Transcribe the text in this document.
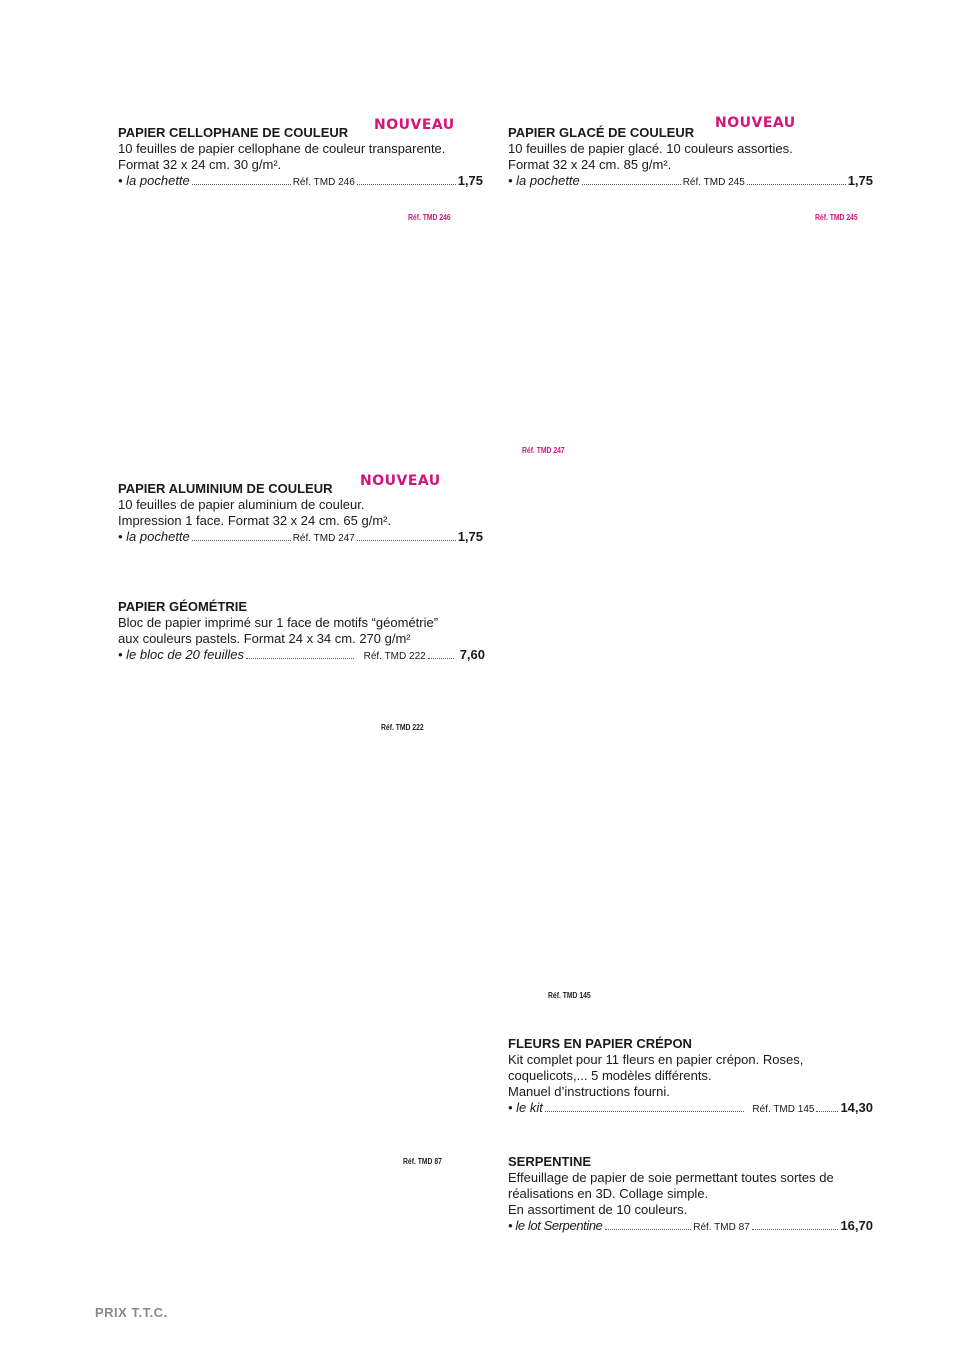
PAPIER CELLOPHANE DE COULEUR	NOUVEAU
10 feuilles de papier cellophane de couleur transparente.
Format 32 x 24 cm. 30 g/m².
• la pochette	Réf. TMD 246	1,75
Réf. TMD 246
PAPIER GLACÉ DE COULEUR
NOUVEAU
10 feuilles de papier glacé. 10 couleurs assorties.
Format 32 x 24 cm. 85 g/m².
• la pochette	Réf. TMD 245	1,75
Réf. TMD 245
Réf. TMD 247
PAPIER ALUMINIUM DE COULEUR	NOUVEAU
10 feuilles de papier aluminium de couleur.
Impression 1 face. Format 32 x 24 cm. 65 g/m².
• la pochette	Réf. TMD 247	1,75
PAPIER GÉOMÉTRIE
Bloc de papier imprimé sur 1 face de motifs “géométrie”
aux couleurs pastels. Format 24 x 34 cm. 270 g/m²
• le bloc de 20 feuilles	Réf. TMD 222	7,60
Réf. TMD 222
Réf. TMD 145
FLEURS EN PAPIER CRÉPON
Kit complet pour 11 fleurs en papier crépon. Roses,
coquelicots,... 5 modèles différents.
Manuel d’instructions fourni.
• le kit	Réf. TMD 145 14,30
Réf. TMD 87	SERPENTINE
Effeuillage de papier de soie permettant toutes sortes de
réalisations en 3D. Collage simple.
En assortiment de 10 couleurs.
• le lot Serpentine	Réf. TMD 87	16,70
PRIX T.T.C.
